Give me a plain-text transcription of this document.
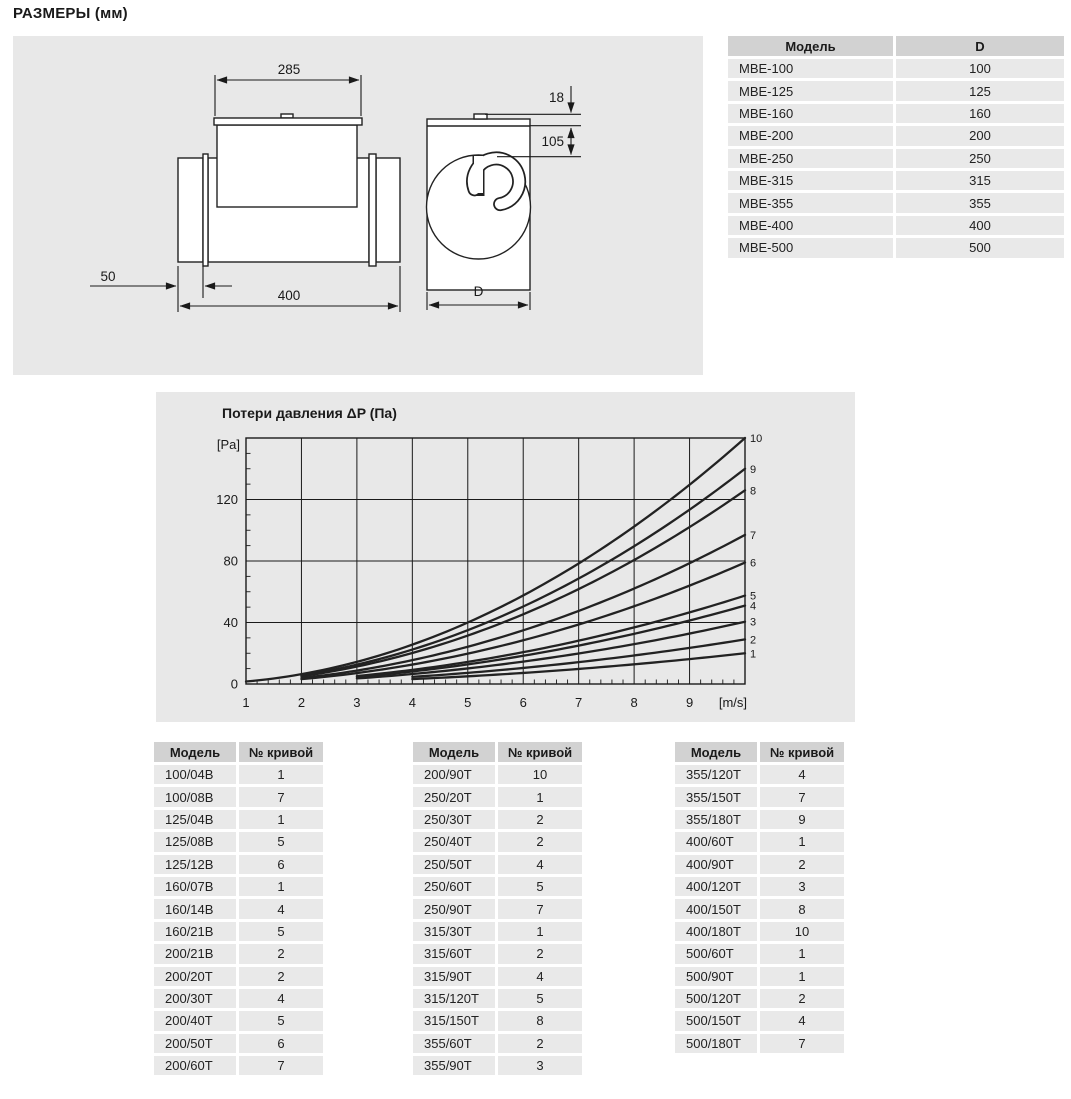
РАЗМЕРЫ (мм)
285
50
400
18
105
D
Модель	D
МВЕ-100	100
МВЕ-125	125
МВЕ-160	160
МВЕ-200	200
МВЕ-250	250
МВЕ-315	315
МВЕ-355	355
МВЕ-400	400
МВЕ-500	500
Потери давления ΔP (Па)
1
2
3
4
5
6
7
8
9
10
1	2	3	4	5	6	7	8	9
0
40
80
120
[Pa]
[m/s]
Модель	№ кривой
100/04В	1
100/08В	7
125/04В	1
125/08В	5
125/12В	6
160/07В	1
160/14В	4
160/21В	5
200/21В	2
200/20Т	2
200/30Т	4
200/40Т	5
200/50Т	6
200/60Т	7
Модель	№ кривой
200/90Т	10
250/20Т	1
250/30Т	2
250/40Т	2
250/50Т	4
250/60Т	5
250/90Т	7
315/30Т	1
315/60Т	2
315/90Т	4
315/120Т	5
315/150Т	8
355/60Т	2
355/90Т	3
Модель	№ кривой
355/120Т	4
355/150Т	7
355/180Т	9
400/60Т	1
400/90Т	2
400/120Т	3
400/150Т	8
400/180Т	10
500/60Т	1
500/90Т	1
500/120Т	2
500/150Т	4
500/180Т	7
